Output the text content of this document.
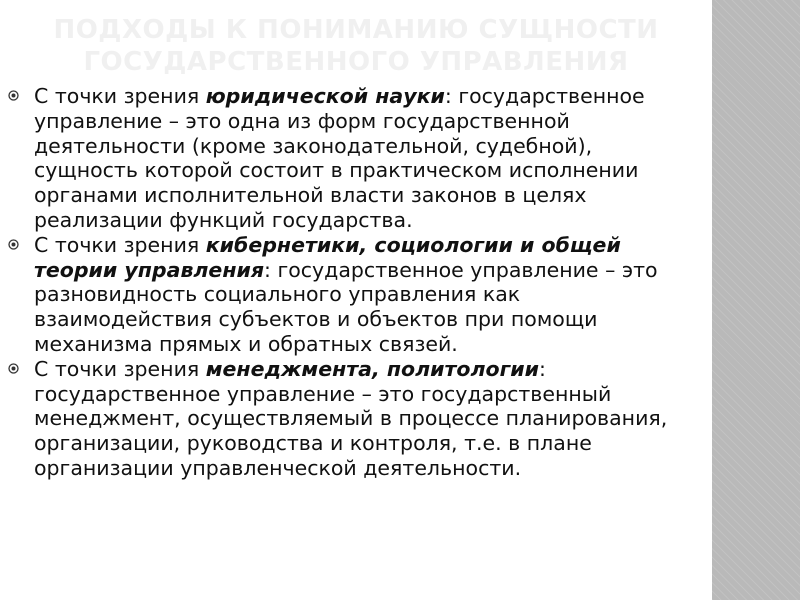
ПОДХОДЫ К ПОНИМАНИЮ СУЩНОСТИ
ГОСУДАРСТВЕННОГО УПРАВЛЕНИЯ
С точки зрения юридической науки: государственное управление – это одна из форм государственной деятельности (кроме законодательной, судебной), сущность которой состоит в практическом исполнении органами исполнительной власти законов в целях реализации функций государства.
С точки зрения кибернетики, социологии и общей теории управления: государственное управление – это разновидность социального управления как взаимодействия субъектов и объектов при помощи механизма прямых и обратных связей.
С точки зрения менеджмента, политологии: государственное управление – это государственный менеджмент, осуществляемый в процессе планирования, организации, руководства и контроля, т.е. в плане организации управленческой деятельности.
